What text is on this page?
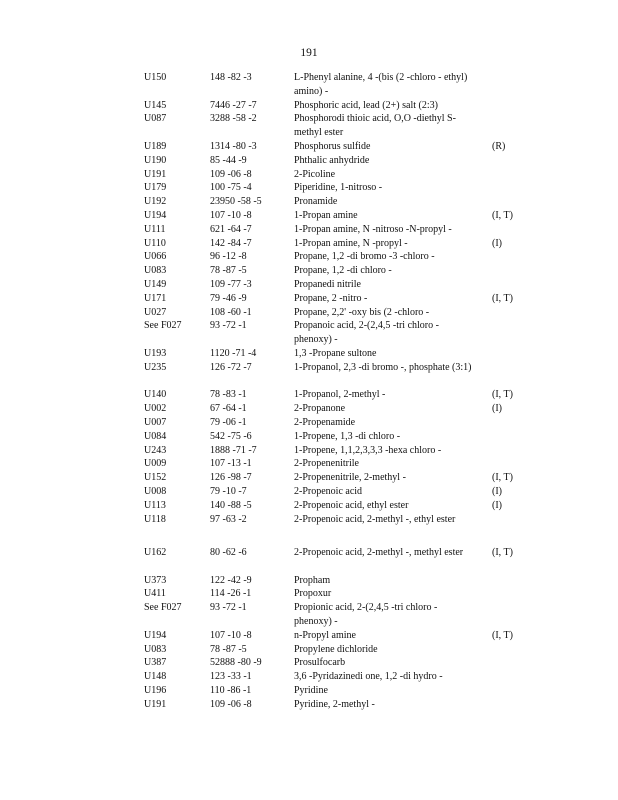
191
U150	148 -82 -3	L-Phenyl alanine, 4 -(bis (2 -chloro - ethyl) amino) -
U145	7446 -27 -7	Phosphoric acid, lead (2+) salt (2:3)
U087	3288 -58 -2	Phosphorodi thioic acid, O,O -diethyl S-methyl ester
U189	1314 -80 -3	Phosphorus sulfide	(R)
U190	85 -44 -9	Phthalic anhydride
U191	109 -06 -8	2-Picoline
U179	100 -75 -4	Piperidine, 1-nitroso -
U192	23950 -58 -5	Pronamide
U194	107 -10 -8	1-Propan amine	(I, T)
U111	621 -64 -7	1-Propan amine, N -nitroso -N-propyl -
U110	142 -84 -7	1-Propan amine, N -propyl -	(I)
U066	96 -12 -8	Propane, 1,2 -di bromo -3 -chloro -
U083	78 -87 -5	Propane, 1,2 -di chloro -
U149	109 -77 -3	Propanedi nitrile
U171	79 -46 -9	Propane, 2 -nitro -	(I, T)
U027	108 -60 -1	Propane, 2,2' -oxy bis (2 -chloro -
See F027	93 -72 -1	Propanoic acid, 2-(2,4,5 -tri chloro - phenoxy) -
U193	1120 -71 -4	1,3 -Propane sultone
U235	126 -72 -7	1-Propanol, 2,3 -di bromo -, phosphate (3:1)
U140	78 -83 -1	1-Propanol, 2-methyl -	(I, T)
U002	67 -64 -1	2-Propanone	(I)
U007	79 -06 -1	2-Propenamide
U084	542 -75 -6	1-Propene, 1,3 -di chloro -
U243	1888 -71 -7	1-Propene, 1,1,2,3,3,3 -hexa chloro -
U009	107 -13 -1	2-Propenenitrile
U152	126 -98 -7	2-Propenenitrile, 2-methyl -	(I, T)
U008	79 -10 -7	2-Propenoic acid	(I)
U113	140 -88 -5	2-Propenoic acid, ethyl ester	(I)
U118	97 -63 -2	2-Propenoic acid, 2-methyl -, ethyl ester
U162	80 -62 -6	2-Propenoic acid, 2-methyl -, methyl ester	(I, T)
U373	122 -42 -9	Propham
U411	114 -26 -1	Propoxur
See F027	93 -72 -1	Propionic acid, 2-(2,4,5 -tri chloro - phenoxy) -
U194	107 -10 -8	n-Propyl amine	(I, T)
U083	78 -87 -5	Propylene dichloride
U387	52888 -80 -9	Prosulfocarb
U148	123 -33 -1	3,6 -Pyridazinedi one, 1,2 -di hydro -
U196	110 -86 -1	Pyridine
U191	109 -06 -8	Pyridine, 2-methyl -
